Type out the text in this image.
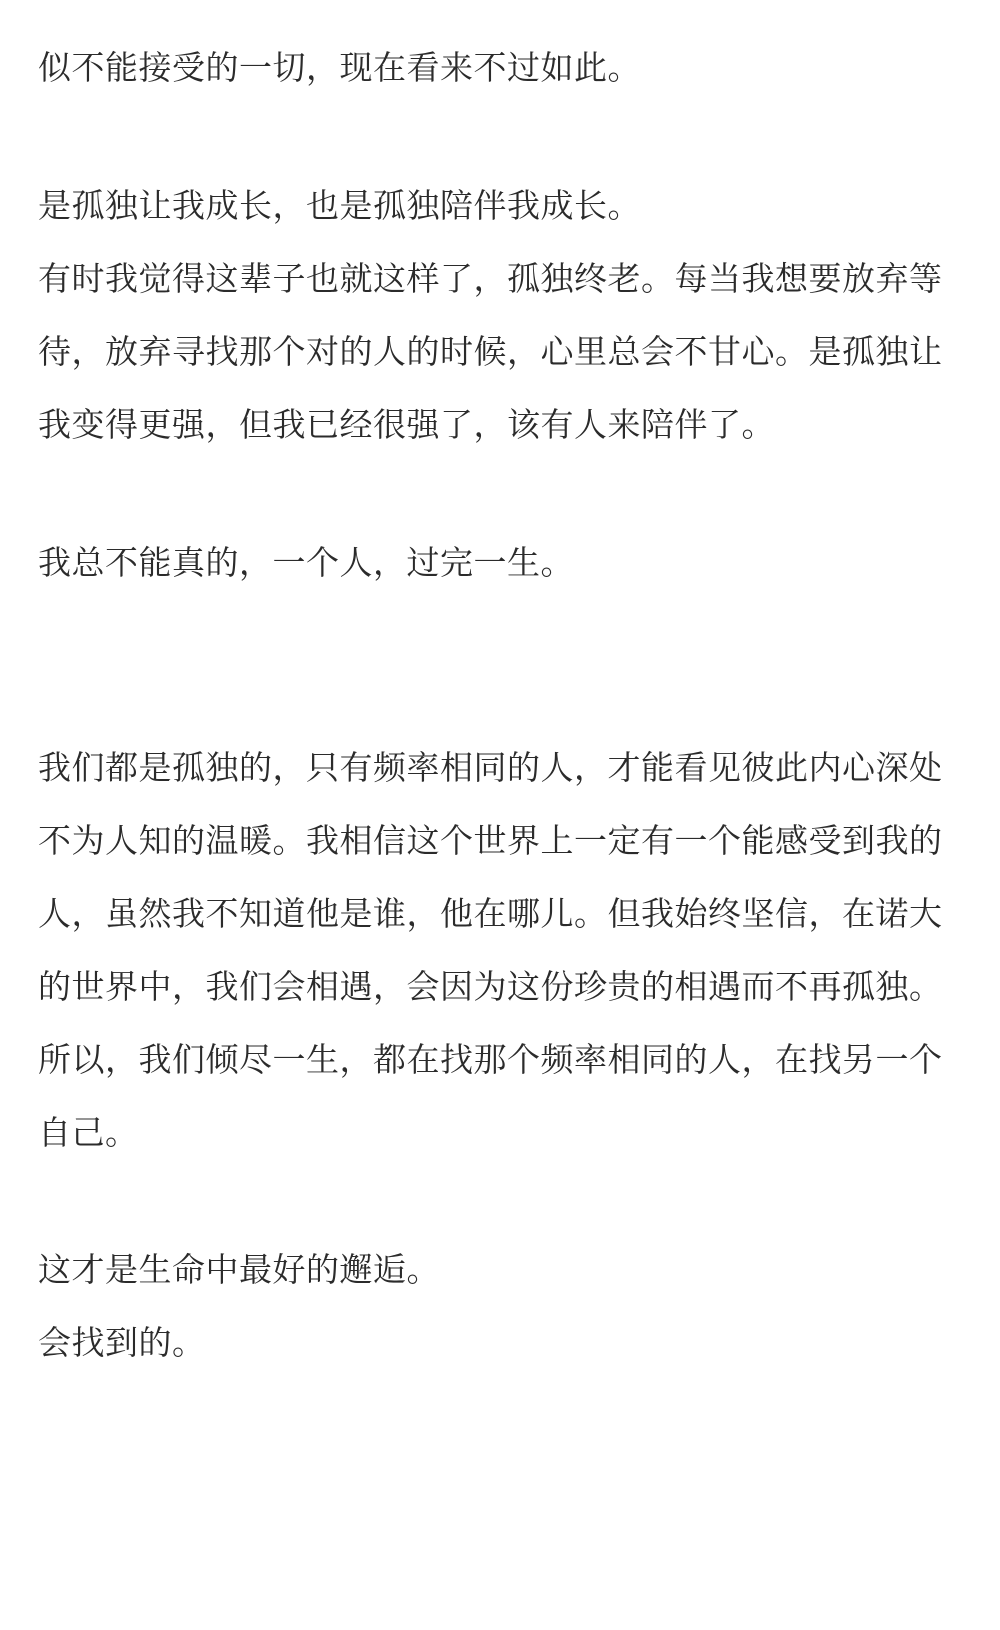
似不能接受的一切，现在看来不过如此。

是孤独让我成长，也是孤独陪伴我成长。

有时我觉得这辈子也就这样了，孤独终老。每当我想要放弃等

待，放弃寻找那个对的人的时候，心里总会不甘心。是孤独让

我变得更强，但我已经很强了，该有人来陪伴了。

我总不能真的，一个人，过完一生。

我们都是孤独的，只有频率相同的人，才能看见彼此内心深处

不为人知的温暖。我相信这个世界上一定有一个能感受到我的

人，虽然我不知道他是谁，他在哪儿。但我始终坚信，在诺大

的世界中，我们会相遇，会因为这份珍贵的相遇而不再孤独。

所以，我们倾尽一生，都在找那个频率相同的人，在找另一个

自己。

这才是生命中最好的邂逅。

会找到的。
